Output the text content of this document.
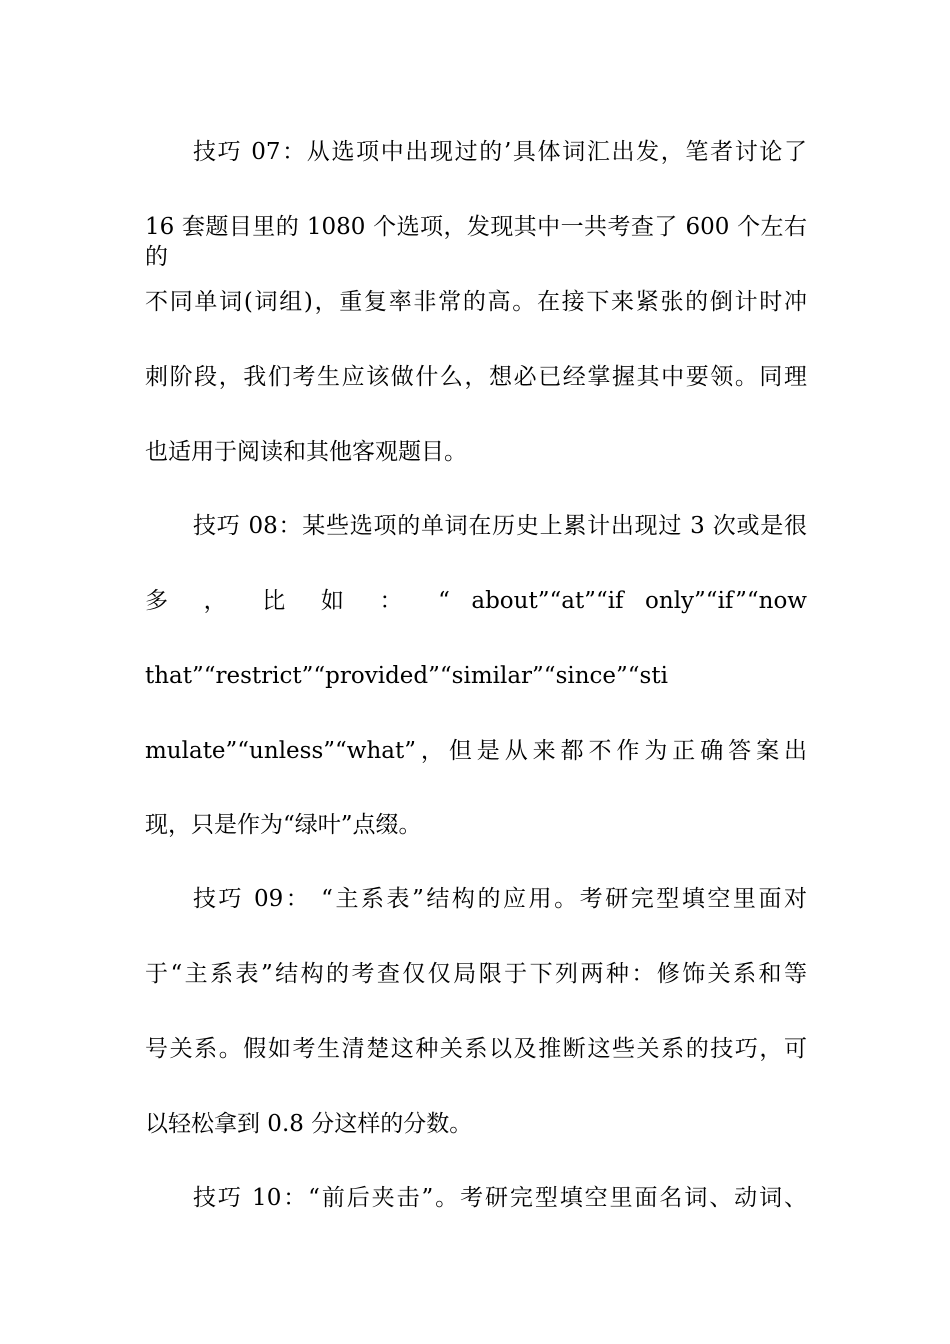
技巧 07：从选项中出现过的’具体词汇出发，笔者讨论了
16 套题目里的 1080 个选项，发现其中一共考查了 600 个左右的
不同单词(词组)，重复率非常的高。在接下来紧张的倒计时冲
刺阶段，我们考生应该做什么，想必已经掌握其中要领。同理
也适用于阅读和其他客观题目。
技巧 08：某些选项的单词在历史上累计出现过 3 次或是很
多 ， 比 如 ： “ about”“at”“if only”“if”“now
that”“restrict”“provided”“similar”“since”“sti
mulate”“unless”“what”，但是从来都不作为正确答案出
现，只是作为“绿叶”点缀。
技巧 09： “主系表”结构的应用。考研完型填空里面对
于“主系表”结构的考查仅仅局限于下列两种：修饰关系和等
号关系。假如考生清楚这种关系以及推断这些关系的技巧，可
以轻松拿到 0.8 分这样的分数。
技巧 10：“前后夹击”。考研完型填空里面名词、动词、
